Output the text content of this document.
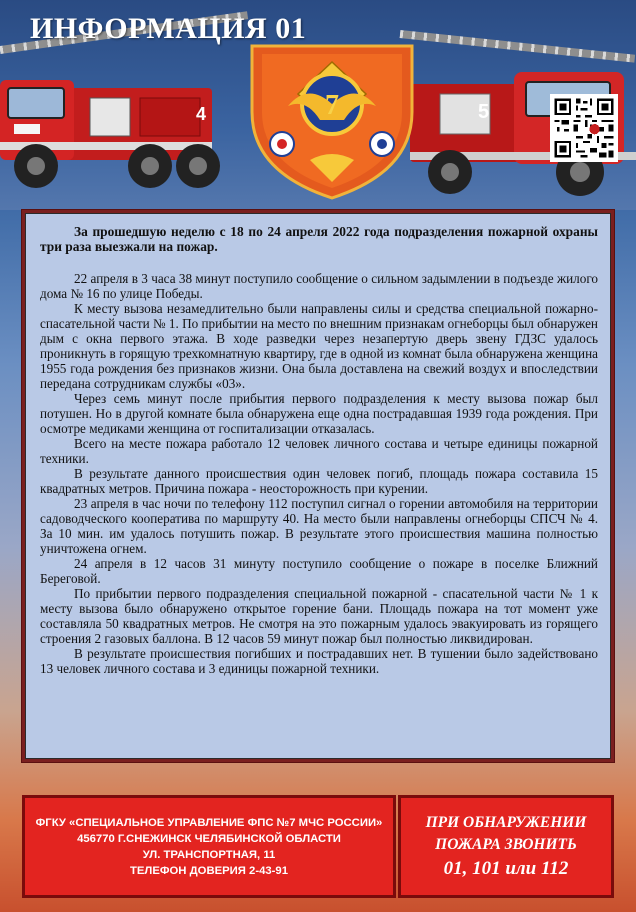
4	5
7
ИНФОРМАЦИЯ 01

За прошедшую неделю с 18 по 24 апреля 2022 года подразделения пожарной охраны три раза выезжали на пожар.

22 апреля в 3 часа 38 минут поступило сообщение о сильном задымлении в подъезде жилого дома № 16 по улице Победы.

К месту вызова незамедлительно были направлены силы и средства специальной пожарно-спасательной части № 1. По прибытии на место по внешним признакам огнеборцы был обнаружен дым с окна первого этажа. В ходе разведки через незапертую дверь звену ГДЗС удалось проникнуть в горящую трехкомнатную квартиру, где в одной из комнат была обнаружена женщина 1955 года рождения без признаков жизни. Она была доставлена на свежий воздух и впоследствии передана сотрудникам службы «03».

Через семь минут после прибытия первого подразделения к месту вызова пожар был потушен. Но в другой комнате была обнаружена еще одна пострадавшая 1939 года рождения. При осмотре медиками женщина от госпитализации отказалась.

Всего на месте пожара работало 12 человек личного состава и четыре единицы пожарной техники.

В результате данного происшествия один человек погиб, площадь пожара составила 15 квадратных метров. Причина пожара - неосторожность при курении.

23 апреля в час ночи по телефону 112 поступил сигнал о горении автомобиля на территории садоводческого кооператива по маршруту 40. На место были направлены огнеборцы СПСЧ № 4. За 10 мин. им удалось потушить пожар. В результате этого происшествия машина полностью уничтожена огнем.

24 апреля в 12 часов 31 минуту поступило сообщение о пожаре в поселке Ближний Береговой.

По прибытии первого подразделения специальной пожарной - спасательной части № 1 к месту вызова было обнаружено открытое горение бани. Площадь пожара на тот момент уже составляла 50 квадратных метров. Не смотря на это пожарным удалось эвакуировать из горящего строения 2 газовых баллона. В 12 часов 59 минут пожар был полностью ликвидирован.

В результате происшествия погибших и пострадавших нет. В тушении было задействовано 13 человек личного состава и 3 единицы пожарной техники.

ФГКУ «СПЕЦИАЛЬНОЕ УПРАВЛЕНИЕ ФПС №7 МЧС РОССИИ»
456770 Г.СНЕЖИНСК ЧЕЛЯБИНСКОЙ ОБЛАСТИ
УЛ. ТРАНСПОРТНАЯ, 11
ТЕЛЕФОН ДОВЕРИЯ 2-43-91
ПРИ ОБНАРУЖЕНИИ
ПОЖАРА ЗВОНИТЬ
01, 101 или 112
